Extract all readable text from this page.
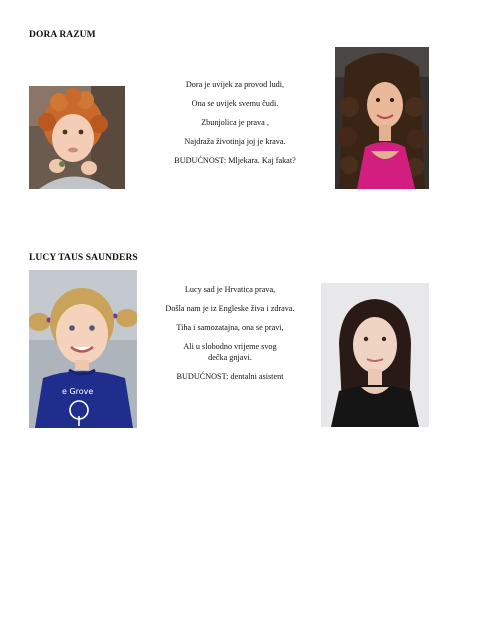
DORA RAZUM

Dora je uvijek za provod ludi,

Ona se uvijek svemu čudi.

Zbunjolica je prava ,

Najdraža životinja joj je krava.

BUDUĆNOST: Mljekara. Kaj fakat?

LUCY TAUS SAUNDERS
e Grove

Lucy sad je Hrvatica prava,

Došla nam je iz Engleske živa i zdrava.

Tiha i samozatajna, ona se pravi,

Ali u slobodno vrijeme svog dečka gnjavi.

BUDUĆNOST: dentalni asistent
